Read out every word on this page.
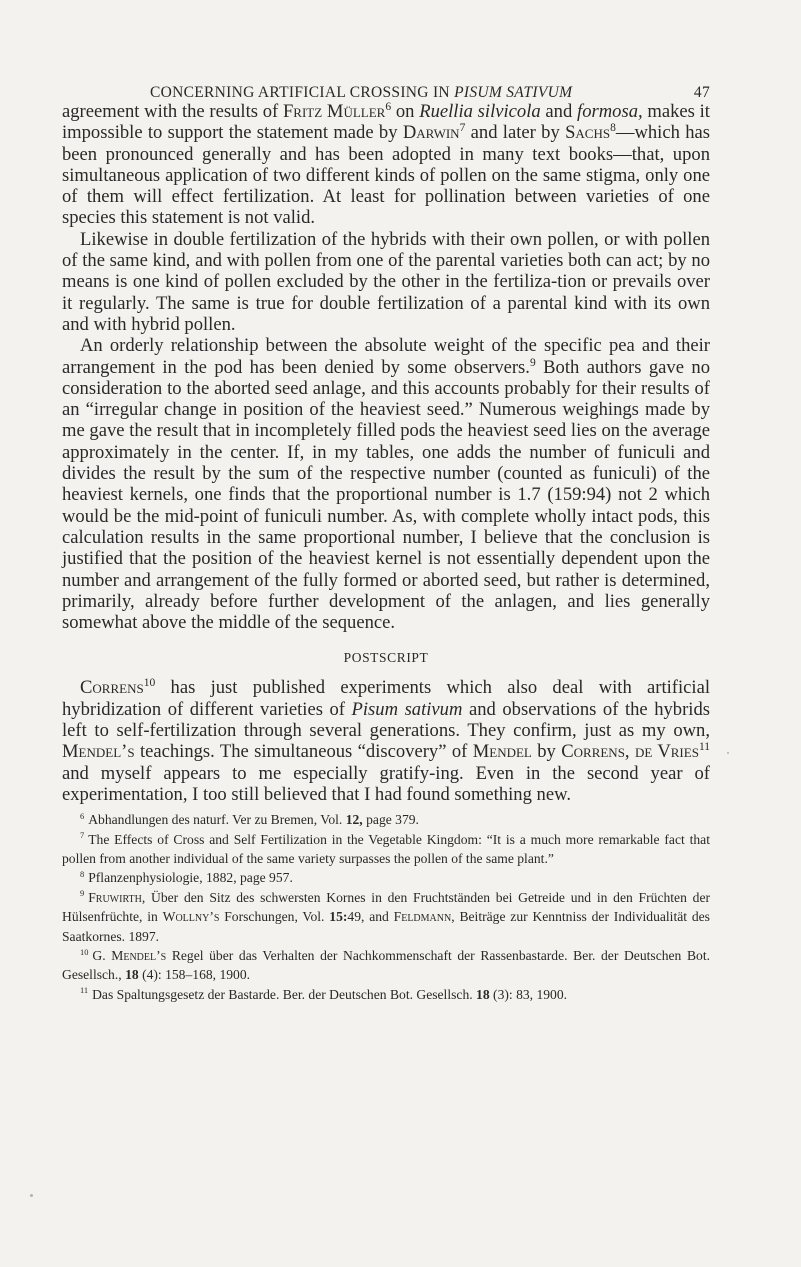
CONCERNING ARTIFICIAL CROSSING IN PISUM SATIVUM	47

agreement with the results of Fritz Müller$^6$ on Ruellia silvicola and formosa, makes it impossible to support the statement made by Darwin$^7$ and later by Sachs$^8$—which has been pronounced generally and has been adopted in many text books—that, upon simultaneous application of two different kinds of pollen on the same stigma, only one of them will effect fertilization. At least for pollination between varieties of one species this statement is not valid.

Likewise in double fertilization of the hybrids with their own pollen, or with pollen of the same kind, and with pollen from one of the parental varieties both can act; by no means is one kind of pollen excluded by the other in the fertiliza-tion or prevails over it regularly. The same is true for double fertilization of a parental kind with its own and with hybrid pollen.

An orderly relationship between the absolute weight of the specific pea and their arrangement in the pod has been denied by some observers.$^9$ Both authors gave no consideration to the aborted seed anlage, and this accounts probably for their results of an “irregular change in position of the heaviest seed.” Numerous weighings made by me gave the result that in incompletely filled pods the heaviest seed lies on the average approximately in the center. If, in my tables, one adds the number of funiculi and divides the result by the sum of the respective number (counted as funiculi) of the heaviest kernels, one finds that the proportional number is 1.7 (159:94) not 2 which would be the mid-point of funiculi number. As, with complete wholly intact pods, this calculation results in the same proportional number, I believe that the conclusion is justified that the position of the heaviest kernel is not essentially dependent upon the number and arrangement of the fully formed or aborted seed, but rather is determined, primarily, already before further development of the anlagen, and lies generally somewhat above the middle of the sequence.

POSTSCRIPT

Correns$^{10}$ has just published experiments which also deal with artificial hybridization of different varieties of Pisum sativum and observations of the hybrids left to self-fertilization through several generations. They confirm, just as my own, Mendel’s teachings. The simultaneous “discovery” of Mendel by Correns, de Vries$^{11}$ and myself appears to me especially gratify-ing. Even in the second year of experimentation, I too still believed that I had found something new.

$^6$ Abhandlungen des naturf. Ver zu Bremen, Vol. 12, page 379.

$^7$ The Effects of Cross and Self Fertilization in the Vegetable Kingdom: “It is a much more remarkable fact that pollen from another individual of the same variety surpasses the pollen of the same plant.”

$^8$ Pflanzenphysiologie, 1882, page 957.

$^9$ Fruwirth, Über den Sitz des schwersten Kornes in den Fruchtständen bei Getreide und in den Früchten der Hülsenfrüchte, in Wollny’s Forschungen, Vol. 15:49, and Feldmann, Beiträge zur Kenntniss der Individualität des Saatkornes. 1897.

$^{10}$ G. Mendel’s Regel über das Verhalten der Nachkommenschaft der Rassenbastarde. Ber. der Deutschen Bot. Gesellsch., 18 (4): 158–168, 1900.

$^{11}$ Das Spaltungsgesetz der Bastarde. Ber. der Deutschen Bot. Gesellsch. 18 (3): 83, 1900.
